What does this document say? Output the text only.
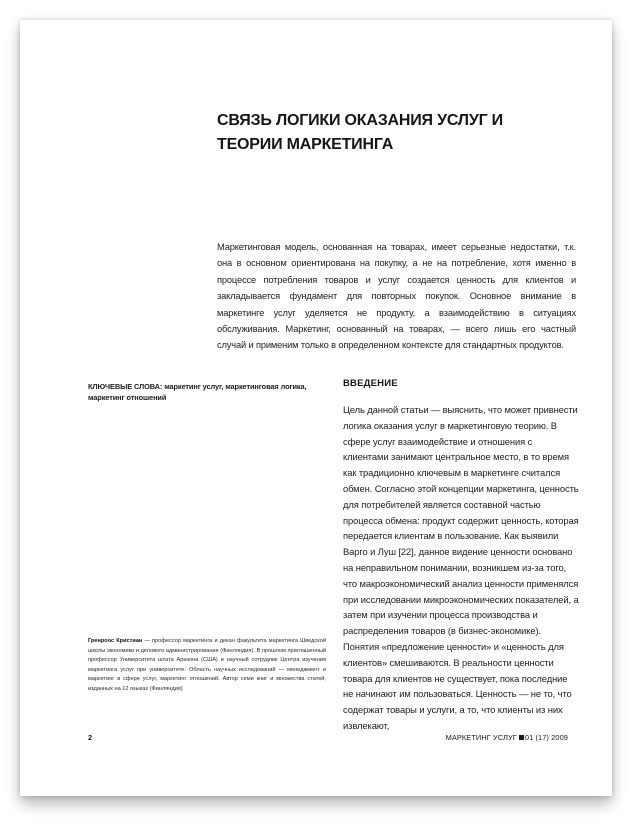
СВЯЗЬ ЛОГИКИ ОКАЗАНИЯ УСЛУГ И ТЕОРИИ МАРКЕТИНГА

Маркетинговая модель, основанная на товарах, имеет серьезные недостатки, т.к. она в основном ориентирована на покупку, а не на потребление, хотя именно в процессе потребления товаров и услуг создается ценность для клиентов и закладывается фундамент для повторных покупок. Основное внимание в маркетинге услуг уделяется не продукту, а взаимодействию в ситуациях обслуживания. Маркетинг, основанный на товарах, — всего лишь его частный случай и применим только в определенном контексте для стандартных продуктов.

КЛЮЧЕВЫЕ СЛОВА: маркетинг услуг, маркетинговая логика, маркетинг отношений

ВВЕДЕНИЕ

Цель данной статьи — выяснить, что может привнести логика оказания услуг в маркетинговую теорию. В сфере услуг взаимодействие и отношения с клиентами занимают центральное место, в то время как традиционно ключевым в маркетинге считался обмен. Согласно этой концепции маркетинга, ценность для потребителей является составной частью процесса обмена: продукт содержит ценность, которая передается клиентам в пользование. Как выявили Варго и Луш [22], данное видение ценности основано на неправильном понимании, возникшем из-за того, что макроэкономический анализ ценности применялся при исследовании микроэкономических показателей, а затем при изучении процесса производства и распределения товаров (в бизнес-экономике). Понятия «предложение ценности» и «ценность для клиентов» смешиваются. В реальности ценности товара для клиентов не существует, пока последние не начинают им пользоваться. Ценность — не то, что содержат товары и услуги, а то, что клиенты из них извлекают,

Гренроос Кристиан — профессор маркетинга и декан факультета маркетинга Шведской школы экономики и делового администрирования (Финляндия). В прошлом приглашенный профессор Университета штата Аризона (США) и научный сотрудник Центра изучения маркетинга услуг при университете. Область научных исследований — менеджмент и маркетинг в сфере услуг, маркетинг отношений. Автор семи книг и множества статей, изданных на 12 языках (Финляндия)

2	МАРКЕТИНГ УСЛУГ 01 (17) 2009
